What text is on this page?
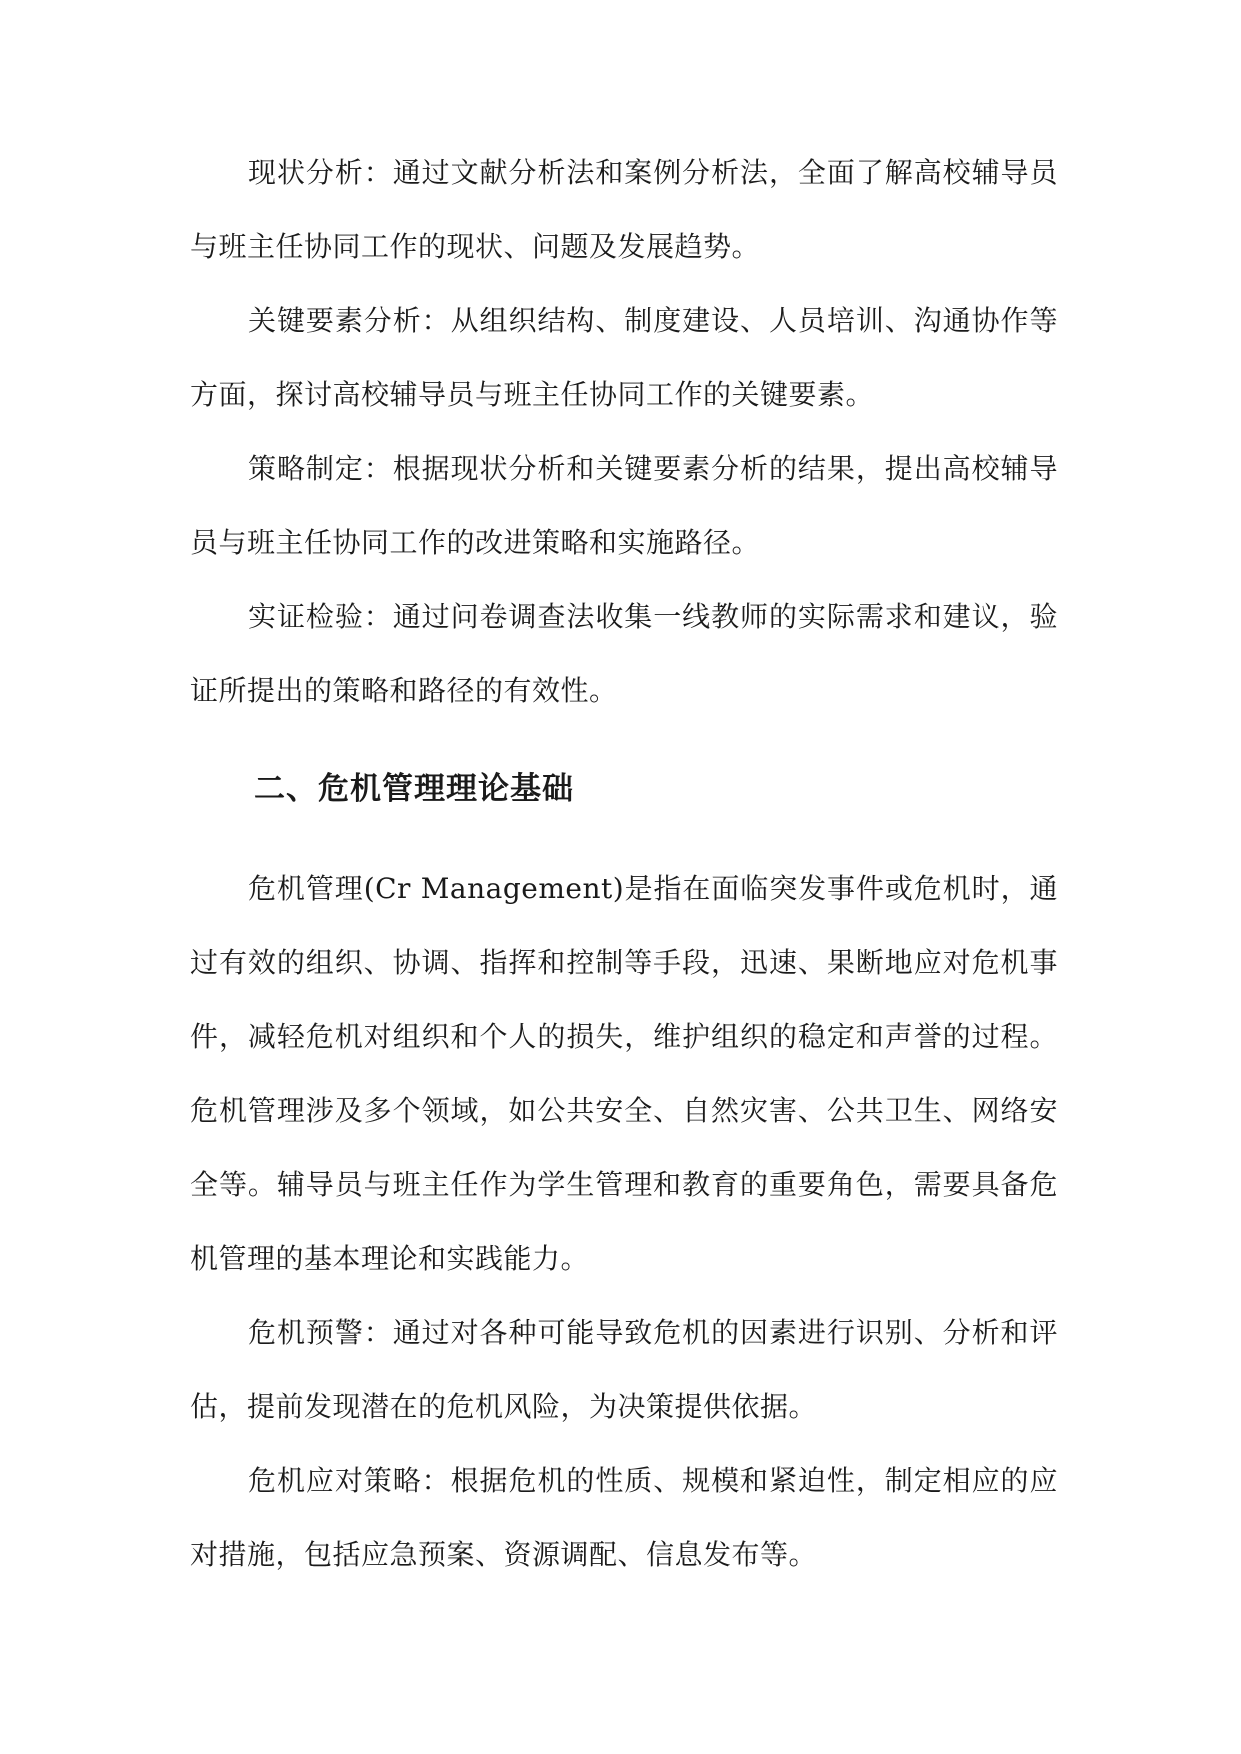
现状分析：通过文献分析法和案例分析法，全面了解高校辅导员与班主任协同工作的现状、问题及发展趋势。

关键要素分析：从组织结构、制度建设、人员培训、沟通协作等方面，探讨高校辅导员与班主任协同工作的关键要素。

策略制定：根据现状分析和关键要素分析的结果，提出高校辅导员与班主任协同工作的改进策略和实施路径。

实证检验：通过问卷调查法收集一线教师的实际需求和建议，验证所提出的策略和路径的有效性。

二、危机管理理论基础

危机管理(Cr Management)是指在面临突发事件或危机时，通过有效的组织、协调、指挥和控制等手段，迅速、果断地应对危机事件，减轻危机对组织和个人的损失，维护组织的稳定和声誉的过程。危机管理涉及多个领域，如公共安全、自然灾害、公共卫生、网络安全等。辅导员与班主任作为学生管理和教育的重要角色，需要具备危机管理的基本理论和实践能力。

危机预警：通过对各种可能导致危机的因素进行识别、分析和评估，提前发现潜在的危机风险，为决策提供依据。

危机应对策略：根据危机的性质、规模和紧迫性，制定相应的应对措施，包括应急预案、资源调配、信息发布等。
